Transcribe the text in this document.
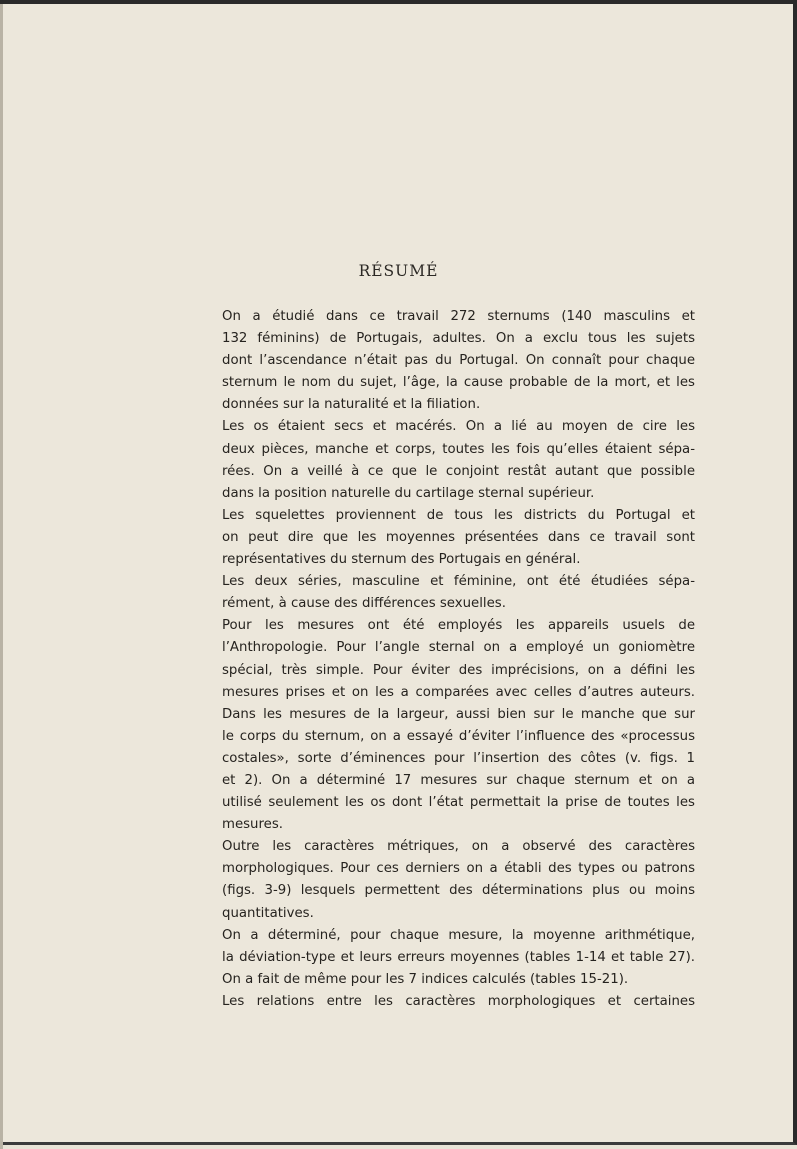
RÉSUMÉ
On a étudié dans ce travail 272 sternums (140 masculins et
132 féminins) de Portugais, adultes. On a exclu tous les sujets
dont l’ascendance n’était pas du Portugal. On connaît pour chaque
sternum le nom du sujet, l’âge, la cause probable de la mort, et les
données sur la naturalité et la filiation.
Les os étaient secs et macérés. On a lié au moyen de cire les
deux pièces, manche et corps, toutes les fois qu’elles étaient sépa-
rées. On a veillé à ce que le conjoint restât autant que possible
dans la position naturelle du cartilage sternal supérieur.
Les squelettes proviennent de tous les districts du Portugal et
on peut dire que les moyennes présentées dans ce travail sont
représentatives du sternum des Portugais en général.
Les deux séries, masculine et féminine, ont été étudiées sépa-
rément, à cause des différences sexuelles.
Pour les mesures ont été employés les appareils usuels de
l’Anthropologie. Pour l’angle sternal on a employé un goniomètre
spécial, très simple. Pour éviter des imprécisions, on a défini les
mesures prises et on les a comparées avec celles d’autres auteurs.
Dans les mesures de la largeur, aussi bien sur le manche que sur
le corps du sternum, on a essayé d’éviter l’influence des «processus
costales», sorte d’éminences pour l’insertion des côtes (v. figs. 1
et 2). On a déterminé 17 mesures sur chaque sternum et on a
utilisé seulement les os dont l’état permettait la prise de toutes les
mesures.
Outre les caractères métriques, on a observé des caractères
morphologiques. Pour ces derniers on a établi des types ou patrons
(figs. 3-9) lesquels permettent des déterminations plus ou moins
quantitatives.
On a déterminé, pour chaque mesure, la moyenne arithmétique,
la déviation-type et leurs erreurs moyennes (tables 1-14 et table 27).
On a fait de même pour les 7 indices calculés (tables 15-21).
Les relations entre les caractères morphologiques et certaines
